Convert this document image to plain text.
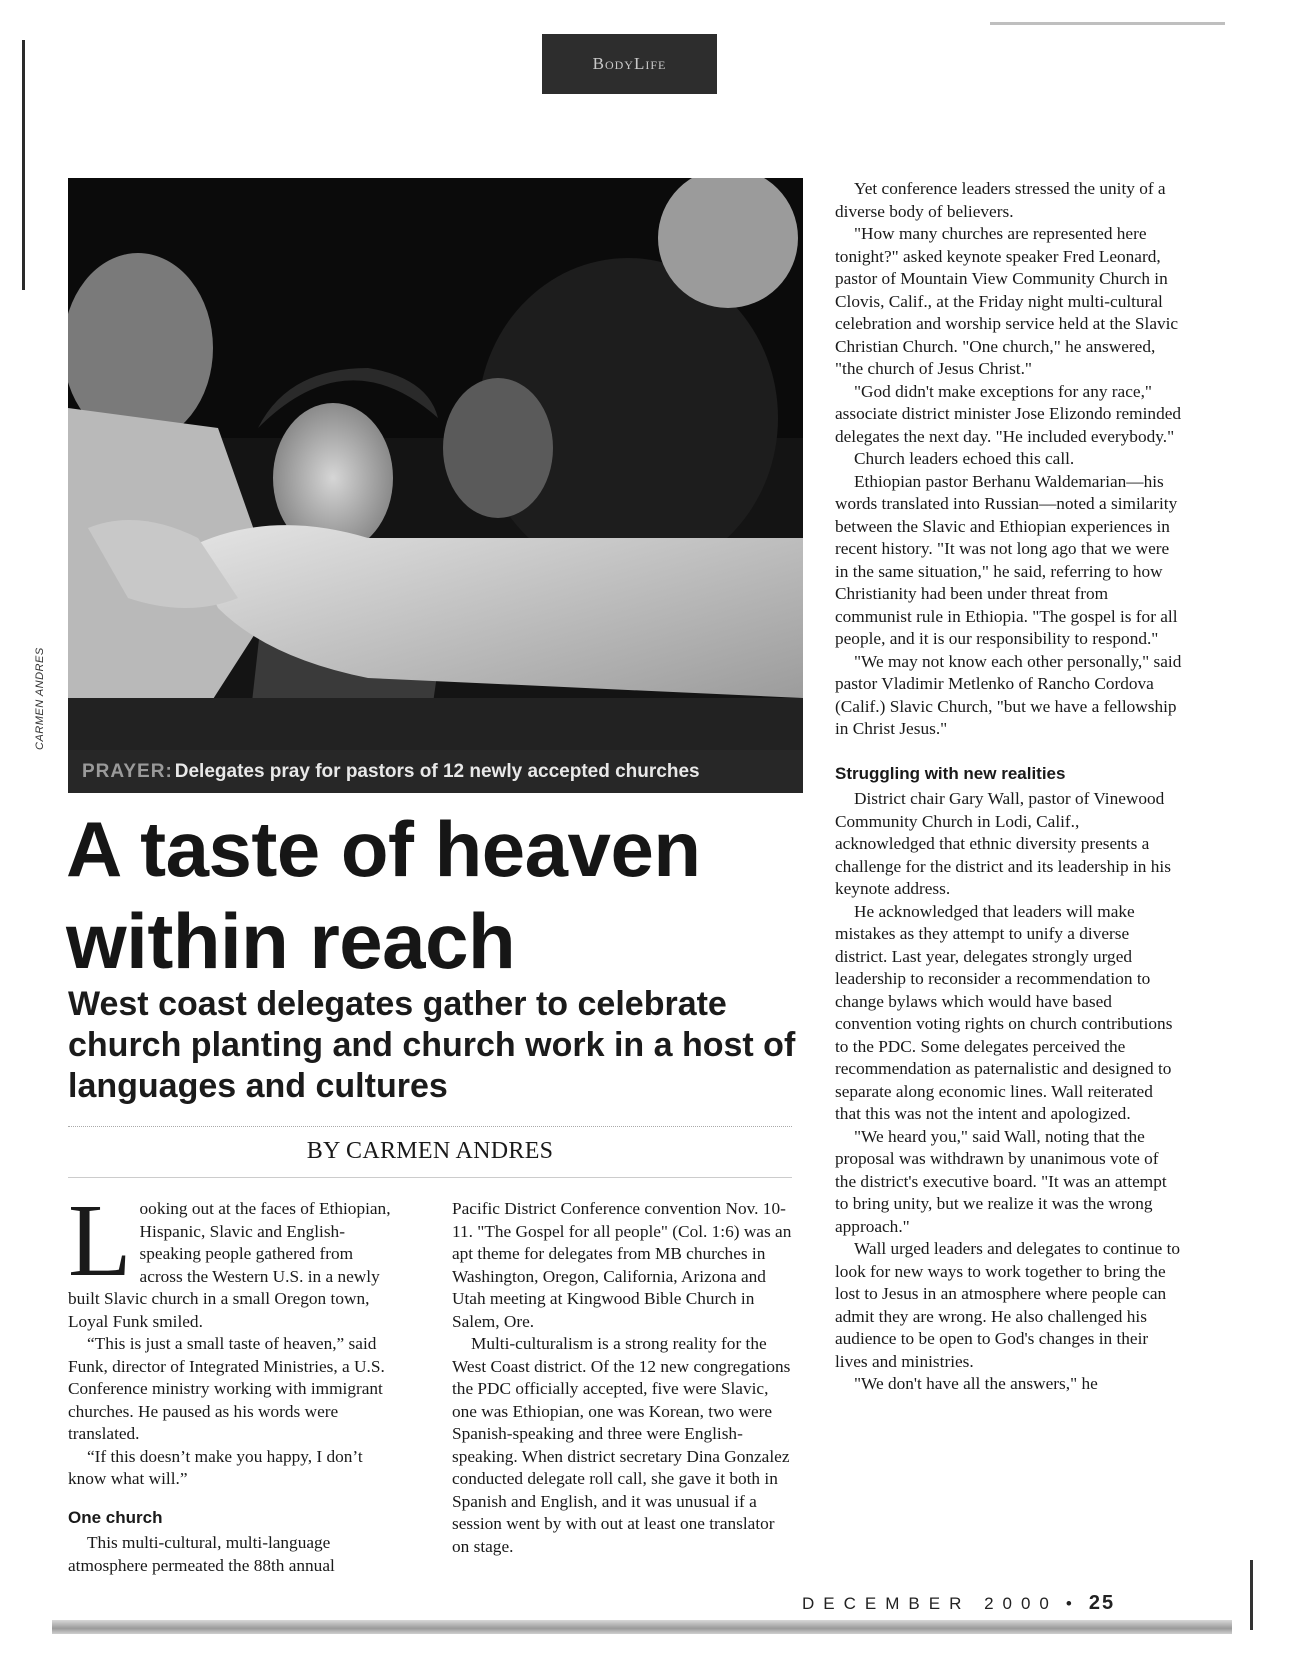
BodyLife
PRAYER: Delegates pray for pastors of 12 newly accepted churches
CARMEN ANDRES
A taste of heaven
within reach
West coast delegates gather to celebrate church planting and church work in a host of languages and cultures
BY CARMEN ANDRES

Looking out at the faces of Ethiopian, Hispanic, Slavic and English-speaking people gathered from across the Western U.S. in a newly built Slavic church in a small Oregon town, Loyal Funk smiled.

“This is just a small taste of heaven,” said Funk, director of Integrated Ministries, a U.S. Conference ministry working with immigrant churches. He paused as his words were translated.

“If this doesn’t make you happy, I don’t know what will.”

One church

This multi-cultural, multi-language atmosphere permeated the 88th annual

Pacific District Conference convention Nov. 10-11. "The Gospel for all people" (Col. 1:6) was an apt theme for delegates from MB churches in Washington, Oregon, California, Arizona and Utah meeting at Kingwood Bible Church in Salem, Ore.

Multi-culturalism is a strong reality for the West Coast district. Of the 12 new congregations the PDC officially accepted, five were Slavic, one was Ethiopian, one was Korean, two were Spanish-speaking and three were English-speaking. When district secretary Dina Gonzalez conducted delegate roll call, she gave it both in Spanish and English, and it was unusual if a session went by with out at least one translator on stage.

Yet conference leaders stressed the unity of a diverse body of believers.

"How many churches are represented here tonight?" asked keynote speaker Fred Leonard, pastor of Mountain View Community Church in Clovis, Calif., at the Friday night multi-cultural celebration and worship service held at the Slavic Christian Church. "One church," he answered, "the church of Jesus Christ."

"God didn't make exceptions for any race," associate district minister Jose Elizondo reminded delegates the next day. "He included everybody."

Church leaders echoed this call.

Ethiopian pastor Berhanu Waldemarian—his words translated into Russian—noted a similarity between the Slavic and Ethiopian experiences in recent history. "It was not long ago that we were in the same situation," he said, referring to how Christianity had been under threat from communist rule in Ethiopia. "The gospel is for all people, and it is our responsibility to respond."

"We may not know each other personally," said pastor Vladimir Metlenko of Rancho Cordova (Calif.) Slavic Church, "but we have a fellowship in Christ Jesus."

Struggling with new realities

District chair Gary Wall, pastor of Vinewood Community Church in Lodi, Calif., acknowledged that ethnic diversity presents a challenge for the district and its leadership in his keynote address.

He acknowledged that leaders will make mistakes as they attempt to unify a diverse district. Last year, delegates strongly urged leadership to reconsider a recommendation to change bylaws which would have based convention voting rights on church contributions to the PDC. Some delegates perceived the recommendation as paternalistic and designed to separate along economic lines. Wall reiterated that this was not the intent and apologized.

"We heard you," said Wall, noting that the proposal was withdrawn by unanimous vote of the district's executive board. "It was an attempt to bring unity, but we realize it was the wrong approach."

Wall urged leaders and delegates to continue to look for new ways to work together to bring the lost to Jesus in an atmosphere where people can admit they are wrong. He also challenged his audience to be open to God's changes in their lives and ministries.

"We don't have all the answers," he

DECEMBER 2000 • 25
